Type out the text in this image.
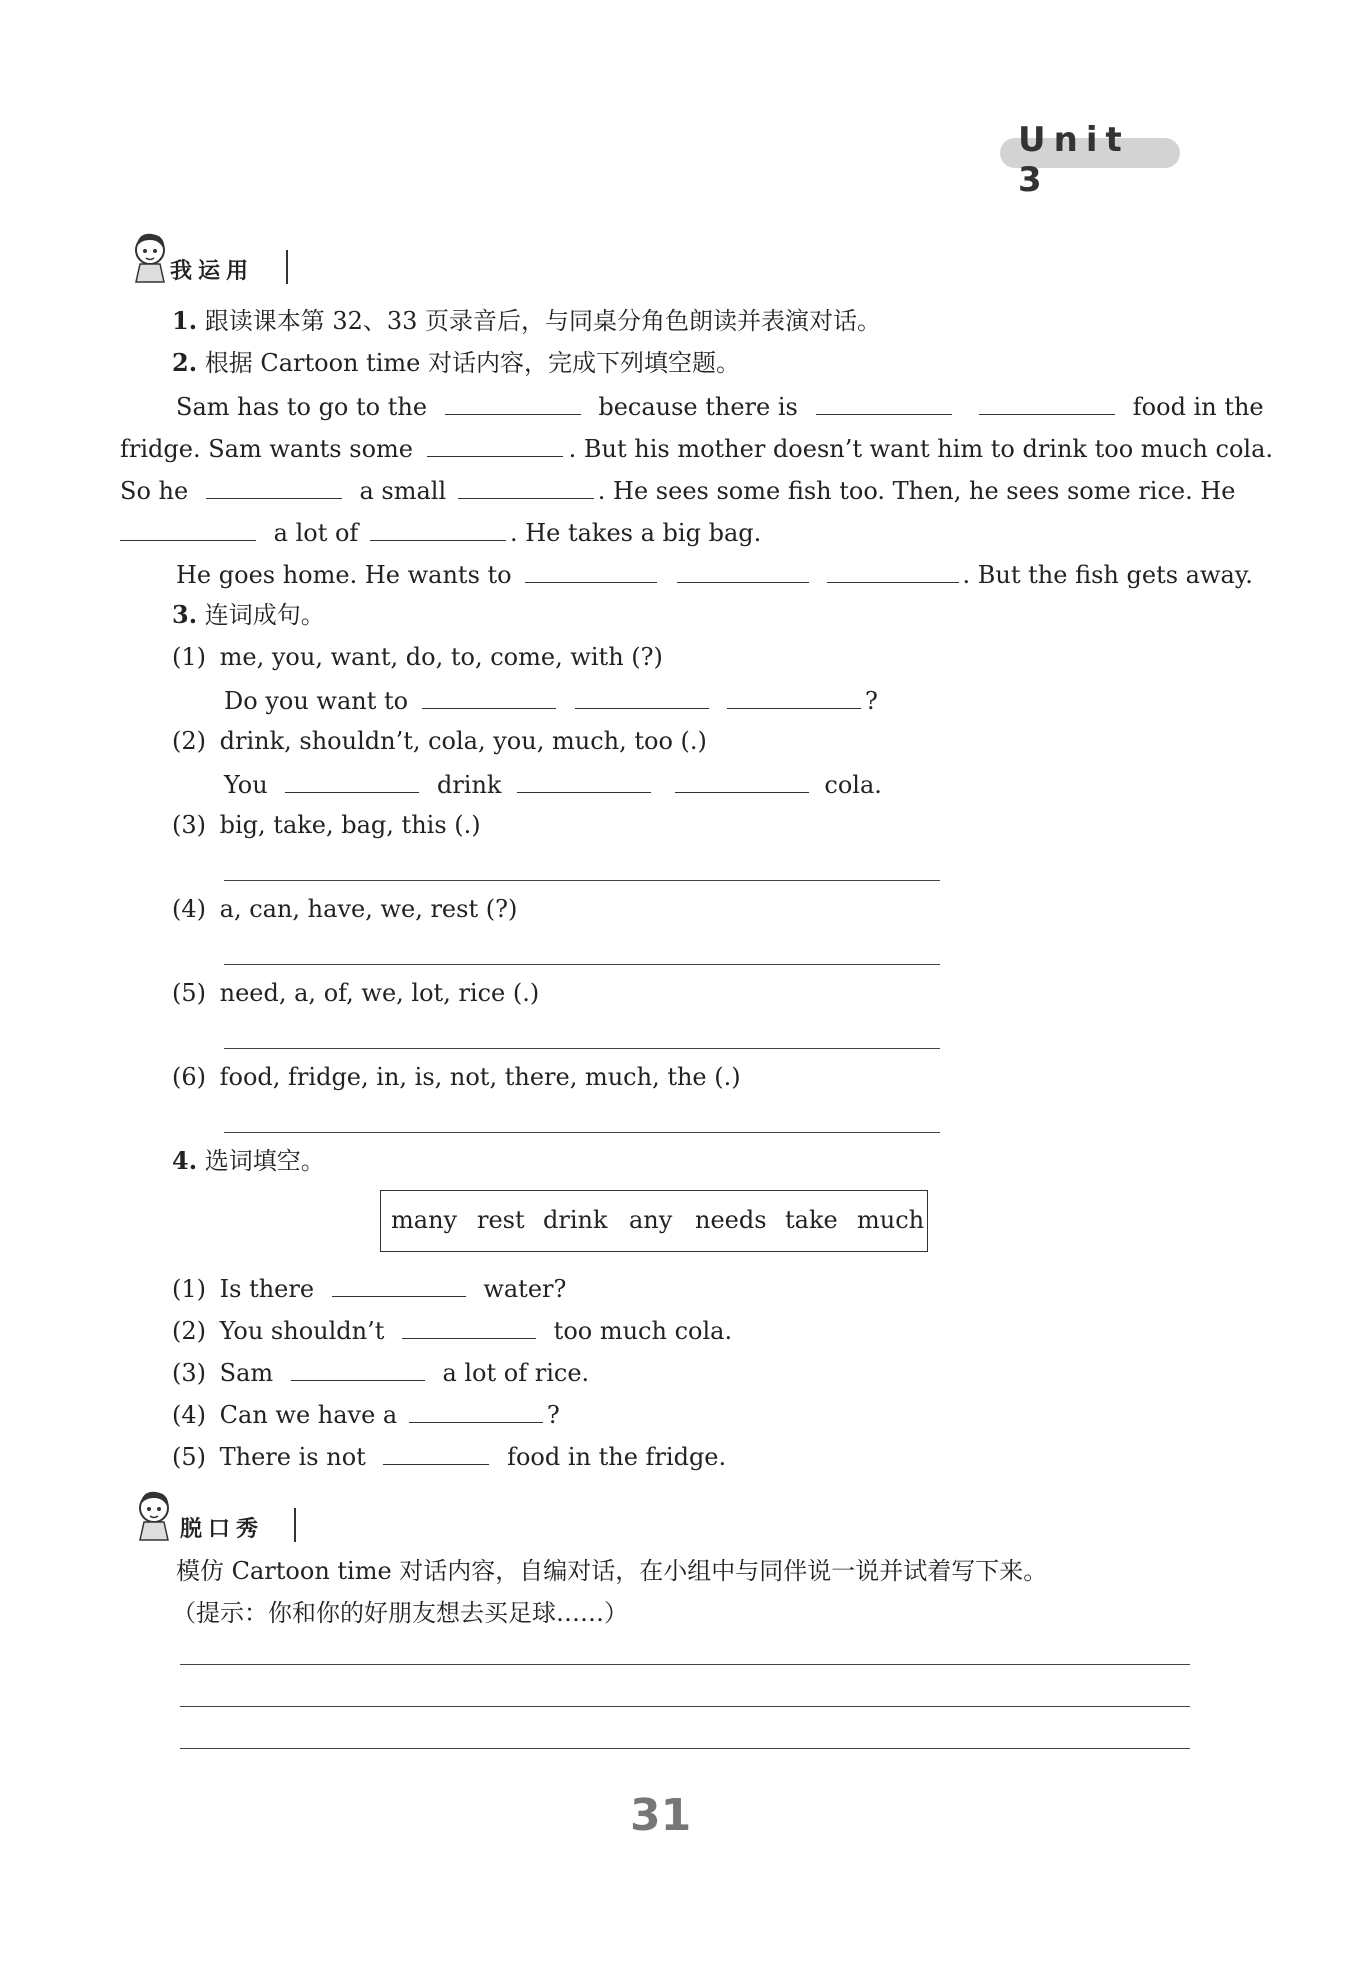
Unit 3
我运用
1. 跟读课本第 32、33 页录音后，与同桌分角色朗读并表演对话。
2. 根据 Cartoon time 对话内容，完成下列填空题。
Sam has to go to the	because there is	food in the
fridge. Sam wants some	. But his mother doesn’t want him to drink too much cola.
So he	a small	. He sees some fish too. Then, he sees some rice. He
a lot of	. He takes a big bag.
He goes home. He wants to	. But the fish gets away.
3. 连词成句。
(1) me, you, want, do, to, come, with (?)
Do you want to	?
(2) drink, shouldn’t, cola, you, much, too (.)
You	drink	cola.
(3) big, take, bag, this (.)
(4) a, can, have, we, rest (?)
(5) need, a, of, we, lot, rice (.)
(6) food, fridge, in, is, not, there, much, the (.)
4. 选词填空。
many rest drink any needs take much
(1) Is there	water?
(2) You shouldn’t	too much cola.
(3) Sam	a lot of rice.
(4) Can we have a	?
(5) There is not	food in the fridge.
脱口秀
模仿 Cartoon time 对话内容，自编对话，在小组中与同伴说一说并试着写下来。
（提示：你和你的好朋友想去买足球……）
31
